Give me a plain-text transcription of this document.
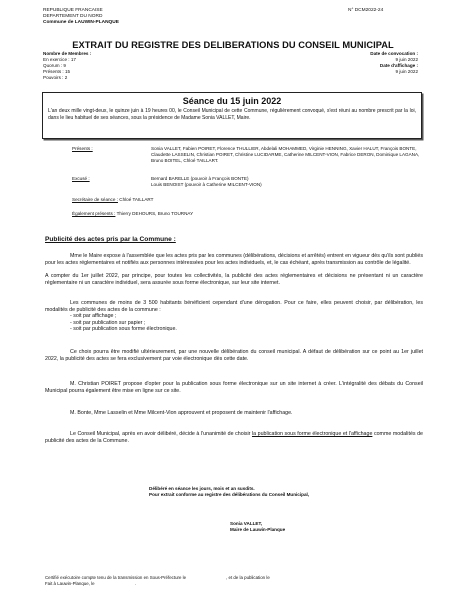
REPUBLIQUE FRANCAISE
DEPARTEMENT DU NORD
Commune de LAUWIN-PLANQUE
N° DCM2022-24
EXTRAIT DU REGISTRE DES DELIBERATIONS DU CONSEIL MUNICIPAL
Nombre de Membres :
En exercice : 17
Quorum : 9
Présents : 15
Pouvoirs : 2
Date de convocation :
9 juin 2022
Date d'affichage :
9 juin 2022
Séance du 15 juin 2022
L'an deux mille vingt-deux, le quinze juin à 19 heures 00, le Conseil Municipal de cette Commune, régulièrement convoqué, s'est réuni au nombre prescrit par la loi, dans le lieu habituel de ses séances, sous la présidence de Madame Sonia VALLET, Maire.
Présents :	Sonia VALLET, Fabien POIRET, Florence THULLIER, Abdelali MOHAMMED, Virginie HENNING, Xavier HALUT, François BONTE, Claudette LASSELIN, Christian POIRET, Christine LUCIDARME, Catherine MILCENT-VION, Fabrice DERON, Dominique LAGANA, Bruno BOITEL, Chloé TAILLART.
Excusé :	Bernard BARELLE (pouvoir à François BONTE)
Louis BENOIST (pouvoir à Catherine MILCENT-VION)
Secrétaire de séance : Chloé TAILLART
Également présents : Thierry DEHOURS, Bruno TOURNAY
Publicité des actes pris par la Commune :
Mme le Maire expose à l'assemblée que les actes pris par les communes (délibérations, décisions et arrêtés) entrent en vigueur dès qu'ils sont publiés pour les actes réglementaires et notifiés aux personnes intéressées pour les actes individuels, et, le cas échéant, après transmission au contrôle de légalité.
A compter du 1er juillet 2022, par principe, pour toutes les collectivités, la publicité des actes réglementaires et décisions ne présentant ni un caractère réglementaire ni un caractère individuel, sera assurée sous forme électronique, sur leur site internet.
Les communes de moins de 3 500 habitants bénéficient cependant d'une dérogation. Pour ce faire, elles peuvent choisir, par délibération, les modalités de publicité des actes de la commune :
- soit par affichage ;
- soit par publication sur papier ;
- soit par publication sous forme électronique.
Ce choix pourra être modifié ultérieurement, par une nouvelle délibération du conseil municipal. A défaut de délibération sur ce point au 1er juillet 2022, la publicité des actes se fera exclusivement par voie électronique dès cette date.
M. Christian POIRET propose d'opter pour la publication sous forme électronique sur un site internet à créer. L'intégralité des débats du Conseil Municipal pourra également être mise en ligne sur ce site.
M. Bonte, Mme Lasselin et Mme Milcent-Vion approuvent et proposent de maintenir l'affichage.
Le Conseil Municipal, après en avoir délibéré, décide à l'unanimité de choisir la publication sous forme électronique et l'affichage comme modalités de publicité des actes de la Commune.
Délibéré en séance les jours, mois et an susdits.
Pour extrait conforme au registre des délibérations du Conseil Municipal,
Sonia VALLET,
Maire de Lauwin-Planque
Certifié exécutoire compte tenu de la transmission en Sous-Préfecture le	, et de la publication le
Fait à Lauwin-Planque, le	.
